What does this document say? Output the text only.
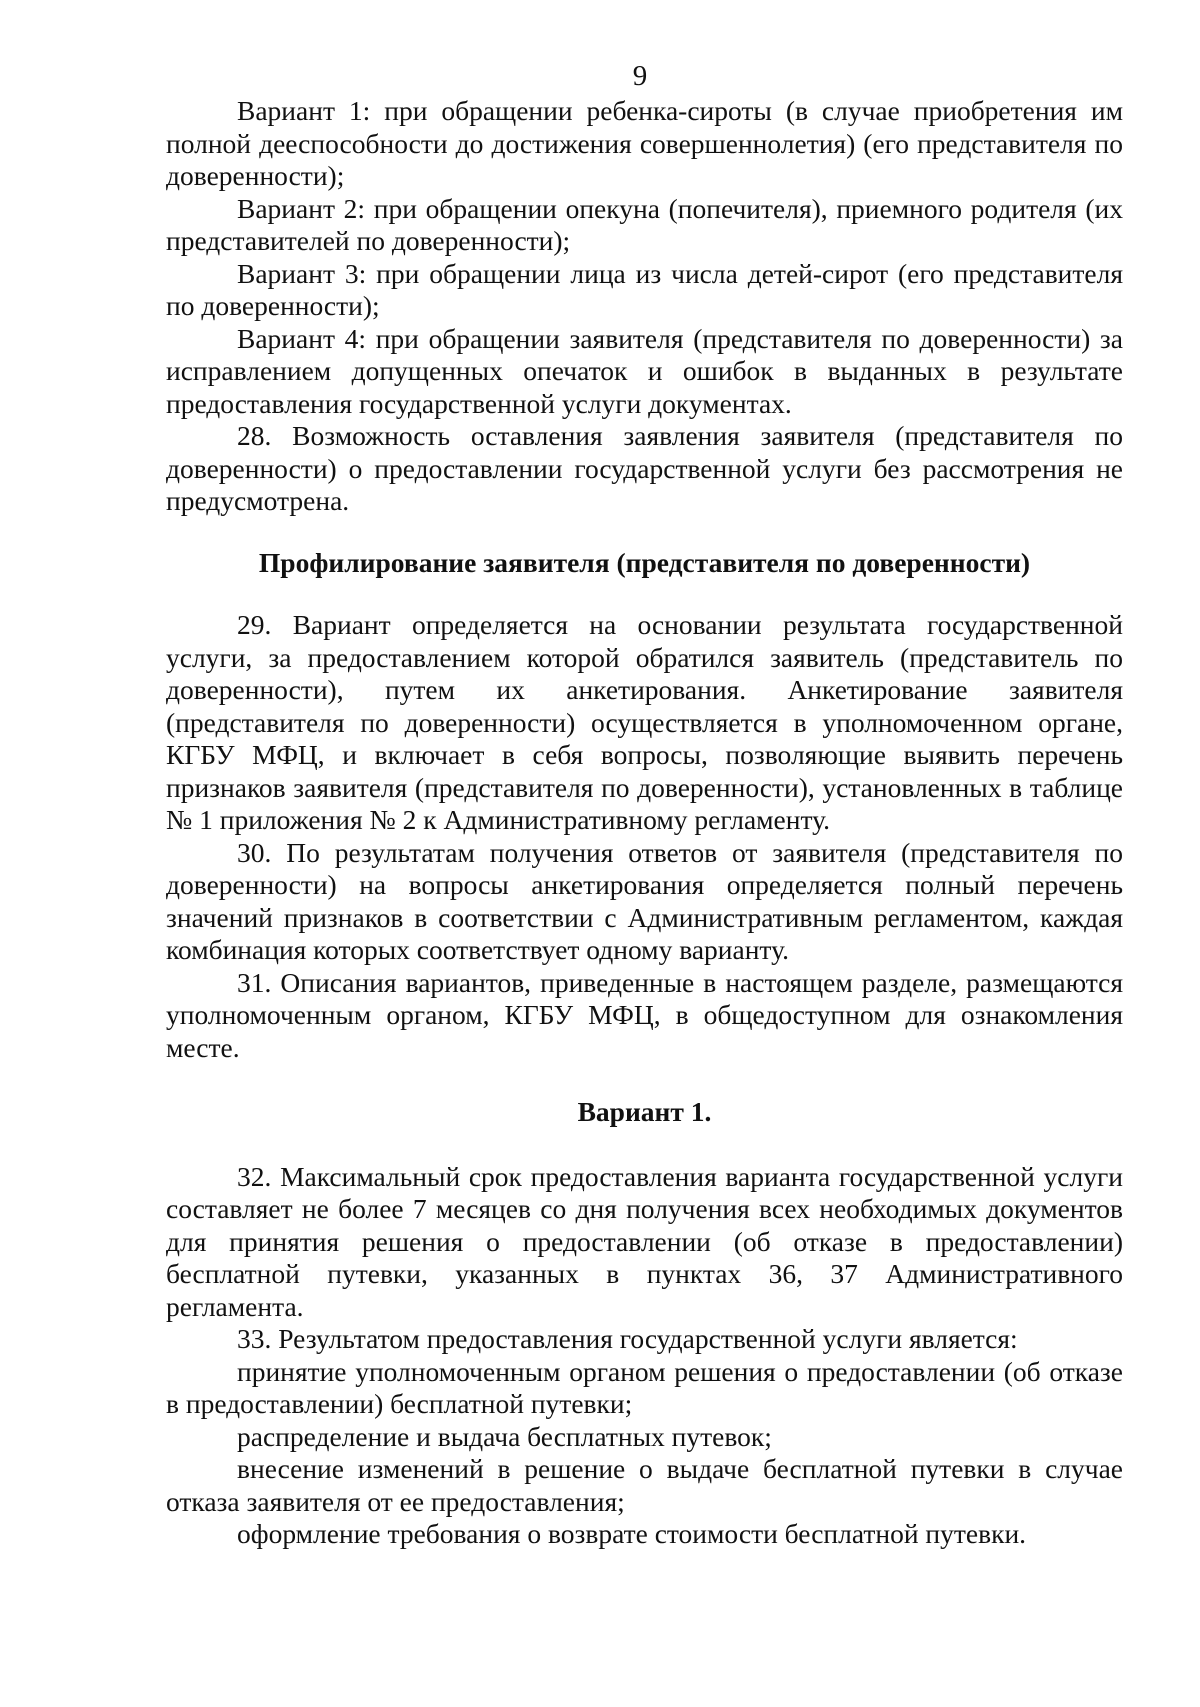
9

Вариант 1: при обращении ребенка-сироты (в случае приобретения им полной дееспособности до достижения совершеннолетия) (его представителя по доверенности);

Вариант 2: при обращении опекуна (попечителя), приемного родителя (их представителей по доверенности);

Вариант 3: при обращении лица из числа детей-сирот (его представителя по доверенности);

Вариант 4: при обращении заявителя (представителя по доверенности) за исправлением допущенных опечаток и ошибок в выданных в результате предоставления государственной услуги документах.

28. Возможность оставления заявления заявителя (представителя по доверенности) о предоставлении государственной услуги без рассмотрения не предусмотрена.

Профилирование заявителя (представителя по доверенности)

29. Вариант определяется на основании результата государственной услуги, за предоставлением которой обратился заявитель (представитель по доверенности), путем их анкетирования. Анкетирование заявителя (представителя по доверенности) осуществляется в уполномоченном органе, КГБУ МФЦ, и включает в себя вопросы, позволяющие выявить перечень признаков заявителя (представителя по доверенности), установленных в таблице № 1 приложения № 2 к Административному регламенту.

30. По результатам получения ответов от заявителя (представителя по доверенности) на вопросы анкетирования определяется полный перечень значений признаков в соответствии с Административным регламентом, каждая комбинация которых соответствует одному варианту.

31. Описания вариантов, приведенные в настоящем разделе, размещаются уполномоченным органом, КГБУ МФЦ, в общедоступном для ознакомления месте.

Вариант 1.

32. Максимальный срок предоставления варианта государственной услуги составляет не более 7 месяцев со дня получения всех необходимых документов для принятия решения о предоставлении (об отказе в предоставлении) бесплатной путевки, указанных в пунктах 36, 37 Административного регламента.

33. Результатом предоставления государственной услуги является:

принятие уполномоченным органом решения о предоставлении (об отказе в предоставлении) бесплатной путевки;

распределение и выдача бесплатных путевок;

внесение изменений в решение о выдаче бесплатной путевки в случае отказа заявителя от ее предоставления;

оформление требования о возврате стоимости бесплатной путевки.
